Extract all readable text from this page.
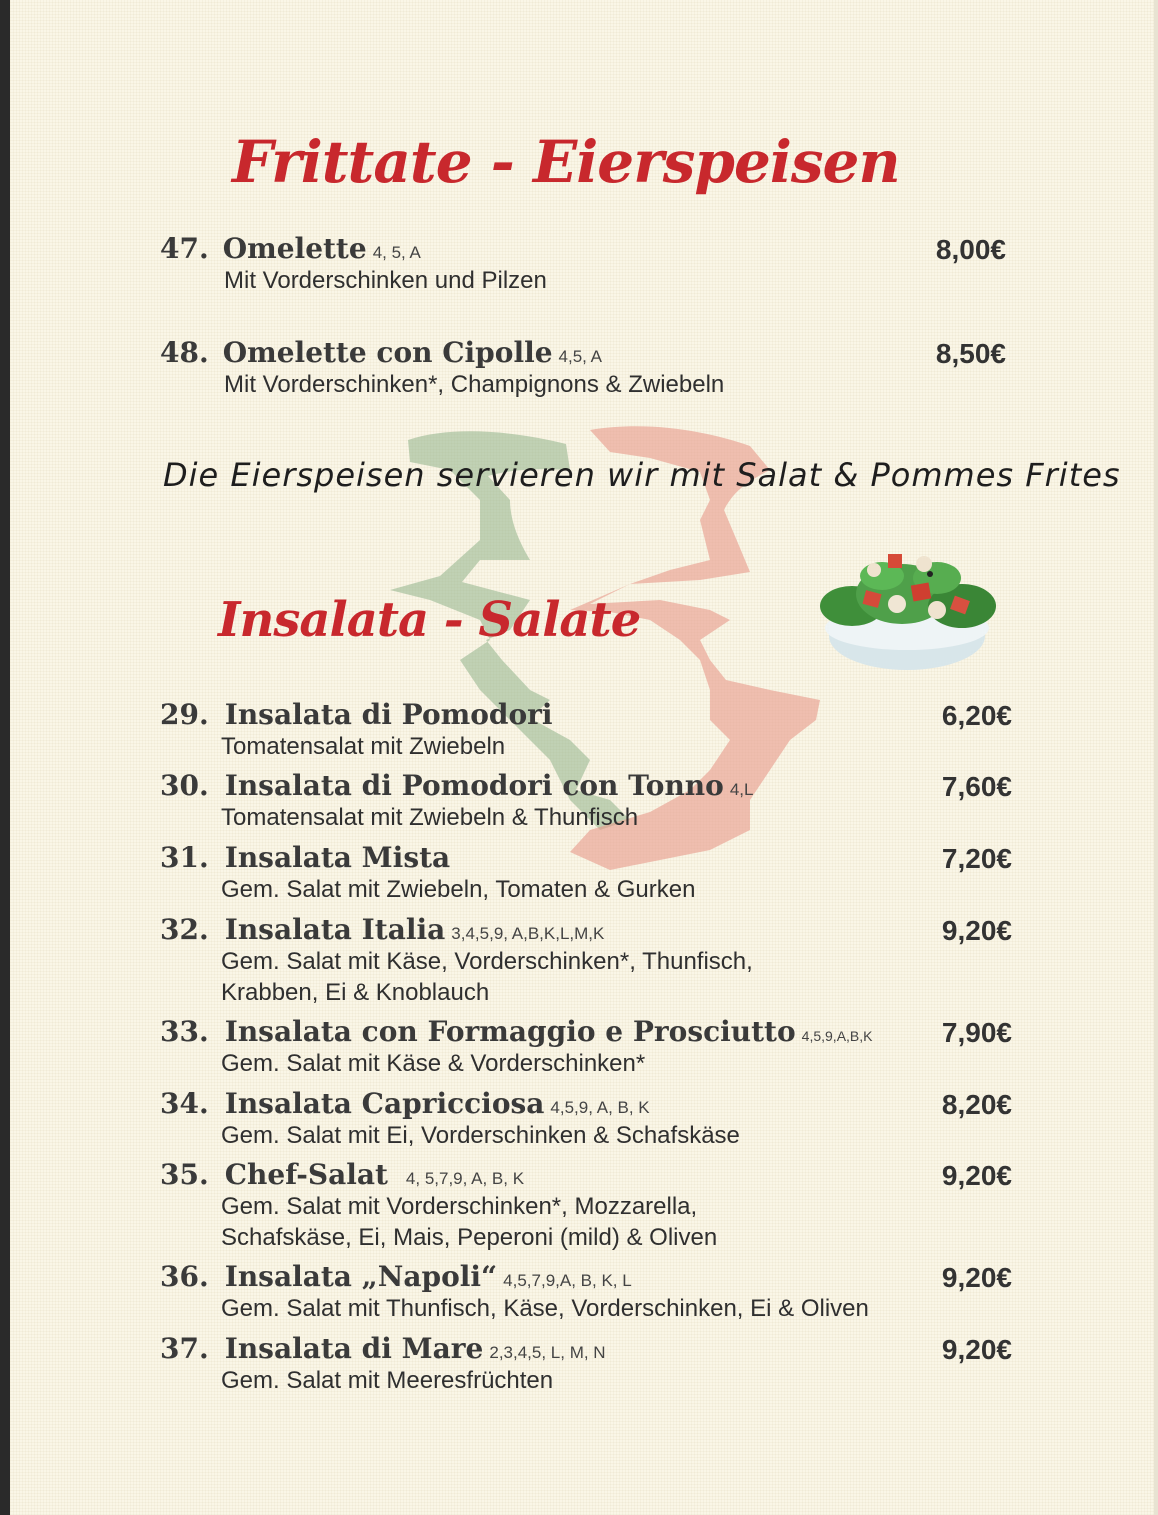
Frittate - Eierspeisen
47. Omelette 4, 5, A
Mit Vorderschinken und Pilzen
8,00€
48. Omelette con Cipolle 4,5, A
Mit Vorderschinken*, Champignons & Zwiebeln
8,50€
Die Eierspeisen servieren wir mit Salat & Pommes Frites
Insalata - Salate
29. Insalata di Pomodori
Tomatensalat mit Zwiebeln
6,20€
30. Insalata di Pomodori con Tonno 4,L
Tomatensalat mit Zwiebeln & Thunfisch
7,60€
31. Insalata Mista
Gem. Salat mit Zwiebeln, Tomaten & Gurken
7,20€
32. Insalata Italia 3,4,5,9, A,B,K,L,M,K
Gem. Salat mit Käse, Vorderschinken*, Thunfisch,
Krabben, Ei & Knoblauch
9,20€
33. Insalata con Formaggio e Prosciutto 4,5,9,A,B,K
Gem. Salat mit Käse & Vorderschinken*
7,90€
34. Insalata Capricciosa 4,5,9, A, B, K
Gem. Salat mit Ei, Vorderschinken & Schafskäse
8,20€
35. Chef-Salat 4, 5,7,9, A, B, K
Gem. Salat mit Vorderschinken*, Mozzarella,
Schafskäse, Ei, Mais, Peperoni (mild) & Oliven
9,20€
36. Insalata „Napoli“ 4,5,7,9,A, B, K, L
Gem. Salat mit Thunfisch, Käse, Vorderschinken, Ei & Oliven
9,20€
37. Insalata di Mare 2,3,4,5, L, M, N
Gem. Salat mit Meeresfrüchten
9,20€
